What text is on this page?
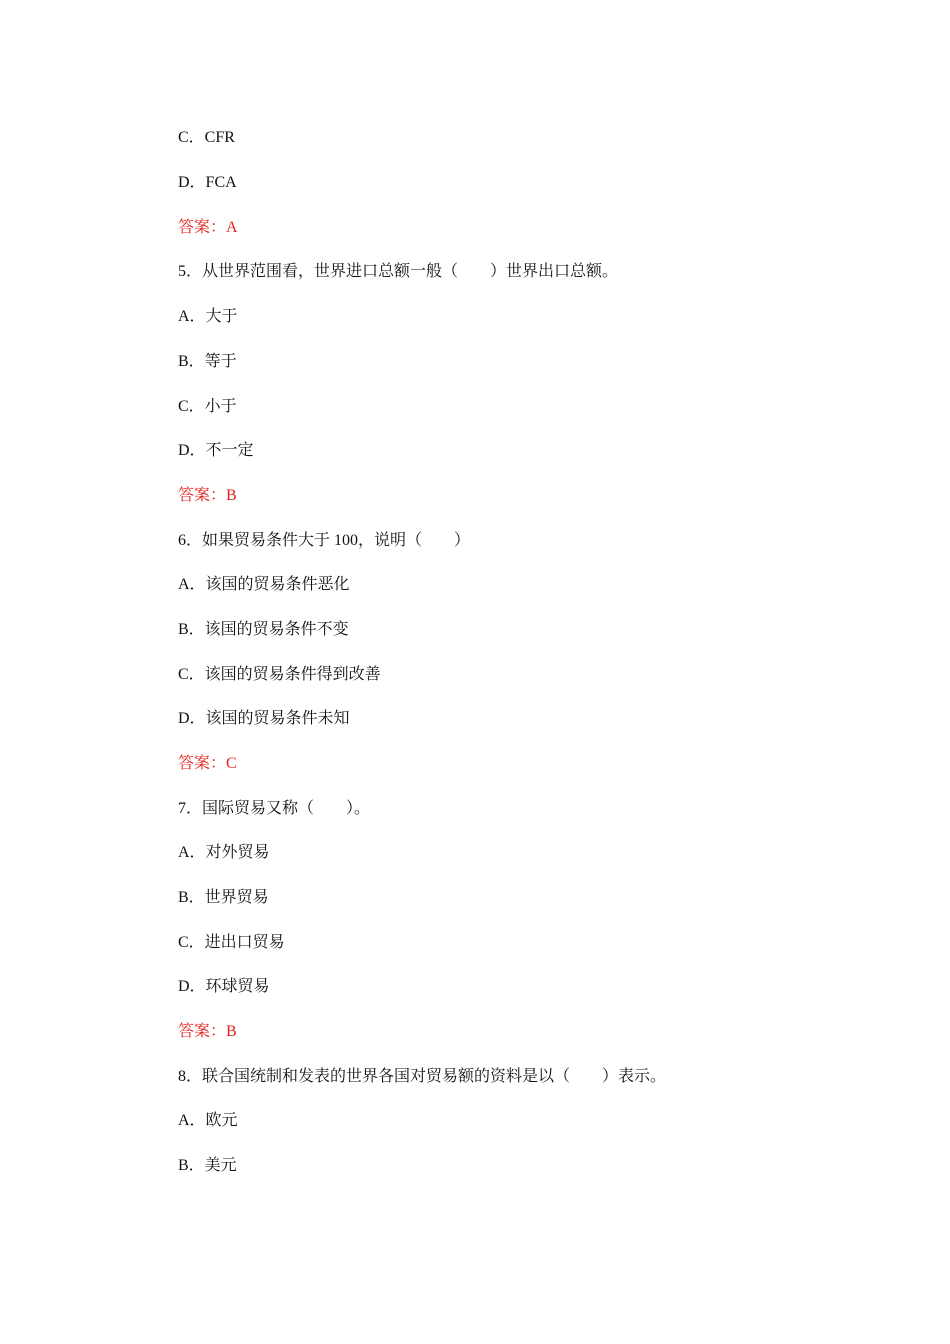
C．CFR
D．FCA
答案：A
5．从世界范围看，世界进口总额一般（　　）世界出口总额。
A．大于
B．等于
C．小于
D．不一定
答案：B
6．如果贸易条件大于 100，说明（　　）
A．该国的贸易条件恶化
B．该国的贸易条件不变
C．该国的贸易条件得到改善
D．该国的贸易条件未知
答案：C
7．国际贸易又称（　　）。
A．对外贸易
B．世界贸易
C．进出口贸易
D．环球贸易
答案：B
8．联合国统制和发表的世界各国对贸易额的资料是以（　　）表示。
A．欧元
B．美元
